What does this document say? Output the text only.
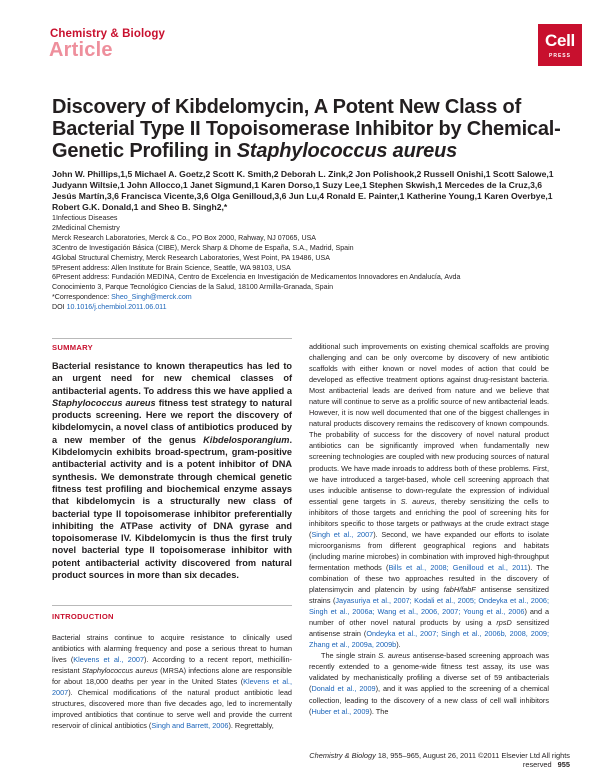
Chemistry & Biology
Article	Cell
PRESS
Discovery of Kibdelomycin, A Potent New Class of Bacterial Type II Topoisomerase Inhibitor by Chemical-Genetic Profiling in Staphylococcus aureus
John W. Phillips,1,5 Michael A. Goetz,2 Scott K. Smith,2 Deborah L. Zink,2 Jon Polishook,2 Russell Onishi,1 Scott Salowe,1 Judyann Wiltsie,1 John Allocco,1 Janet Sigmund,1 Karen Dorso,1 Suzy Lee,1 Stephen Skwish,1 Mercedes de la Cruz,3,6 Jesús Martín,3,6 Francisca Vicente,3,6 Olga Genilloud,3,6 Jun Lu,4 Ronald E. Painter,1 Katherine Young,1 Karen Overbye,1 Robert G.K. Donald,1 and Sheo B. Singh2,*
1Infectious Diseases
2Medicinal Chemistry
Merck Research Laboratories, Merck & Co., PO Box 2000, Rahway, NJ 07065, USA
3Centro de Investigación Básica (CIBE), Merck Sharp & Dhome de España, S.A., Madrid, Spain
4Global Structural Chemistry, Merck Research Laboratories, West Point, PA 19486, USA
5Present address: Allen Institute for Brain Science, Seattle, WA 98103, USA
6Present address: Fundación MEDINA, Centro de Excelencia en Investigación de Medicamentos Innovadores en Andalucía, Avda
Conocimiento 3, Parque Tecnológico Ciencias de la Salud, 18100 Armilla-Granada, Spain
*Correspondence: Sheo_Singh@merck.com
DOI 10.1016/j.chembiol.2011.06.011
SUMMARY
Bacterial resistance to known therapeutics has led to an urgent need for new chemical classes of antibacterial agents. To address this we have applied a Staphylococcus aureus fitness test strategy to natural products screening. Here we report the discovery of kibdelomycin, a novel class of antibiotics produced by a new member of the genus Kibdelosporangium. Kibdelomycin exhibits broad-spectrum, gram-positive antibacterial activity and is a potent inhibitor of DNA synthesis. We demonstrate through chemical genetic fitness test profiling and biochemical enzyme assays that kibdelomycin is a structurally new class of bacterial type II topoisomerase inhibitor preferentially inhibiting the ATPase activity of DNA gyrase and topoisomerase IV. Kibdelomycin is thus the first truly novel bacterial type II topoisomerase inhibitor with potent antibacterial activity discovered from natural product sources in more than six decades.
INTRODUCTION
Bacterial strains continue to acquire resistance to clinically used antibiotics with alarming frequency and pose a serious threat to human lives (Klevens et al., 2007). According to a recent report, methicillin-resistant Staphylococcus aureus (MRSA) infections alone are responsible for about 18,000 deaths per year in the United States (Klevens et al., 2007). Chemical modifications of the natural product antibiotic lead structures, discovered more than five decades ago, led to incrementally improved antibiotics that continue to serve well and provide the current reservoir of clinical antibiotics (Singh and Barrett, 2006). Regrettably,

additional such improvements on existing chemical scaffolds are proving challenging and can be only overcome by discovery of new antibiotic scaffolds with either known or novel modes of action that could be developed as effective treatment options against drug-resistant bacteria. Most antibacterial leads are derived from nature and we believe that nature will continue to serve as a prolific source of new antibacterial leads. However, it is now well documented that one of the biggest challenges in natural products discovery remains the rediscovery of known compounds. The probability of success for the discovery of novel natural product antibiotics can be significantly improved when fundamentally new screening technologies are coupled with new producing sources of natural products. We have made inroads to address both of these problems. First, we have introduced a target-based, whole cell screening approach that uses inducible antisense to down-regulate the expression of individual essential gene targets in S. aureus, thereby sensitizing the cells to inhibitors of those targets and enriching the pool of screening hits for inhibitors specific to those targets or pathways at the crude extract stage (Singh et al., 2007). Second, we have expanded our efforts to isolate microorganisms from different geographical regions and habitats (including marine microbes) in combination with improved high-throughput fermentation methods (Bills et al., 2008; Genilloud et al., 2011). The combination of these two approaches resulted in the discovery of platensimycin and platencin by using fabH/fabF antisense sensitized strains (Jayasuriya et al., 2007; Kodali et al., 2005; Ondeyka et al., 2006; Singh et al., 2006a; Wang et al., 2006, 2007; Young et al., 2006) and a number of other novel natural products by using a rpsD sensitized antisense strain (Ondeyka et al., 2007; Singh et al., 2006b, 2008, 2009; Zhang et al., 2009a, 2009b).

The single strain S. aureus antisense-based screening approach was recently extended to a genome-wide fitness test assay, its use was validated by mechanistically profiling a diverse set of 59 antibacterials (Donald et al., 2009), and it was applied to the screening of a chemical collection, leading to the discovery of a new class of cell wall inhibitors (Huber et al., 2009). The

Chemistry & Biology 18, 955–965, August 26, 2011 ©2011 Elsevier Ltd All rights reserved 955
